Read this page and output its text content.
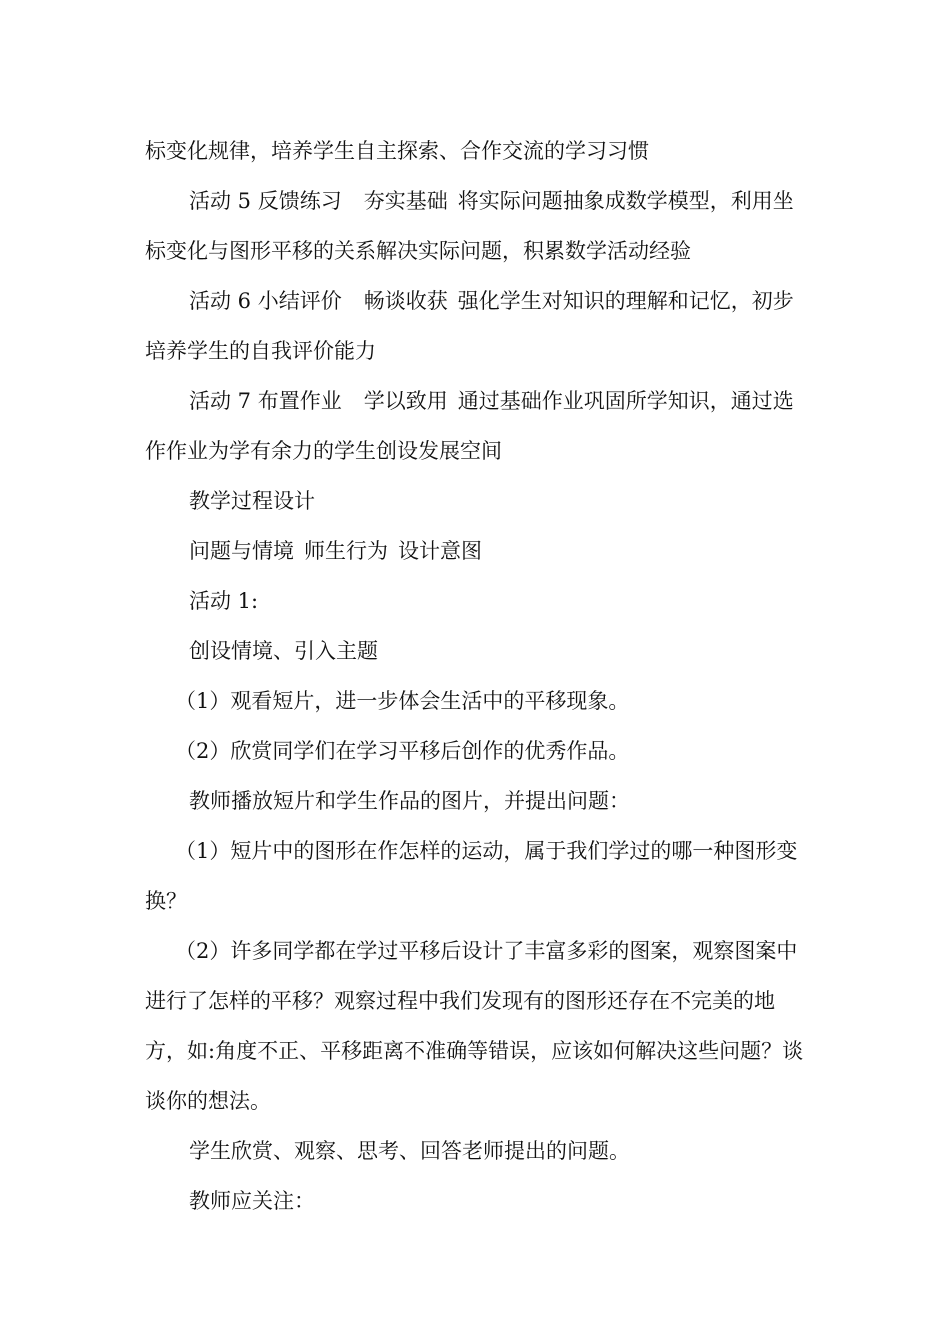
标变化规律，培养学生自主探索、合作交流的学习习惯

活动 5 反馈练习 夯实基础 将实际问题抽象成数学模型，利用坐标变化与图形平移的关系解决实际问题，积累数学活动经验

活动 6 小结评价 畅谈收获 强化学生对知识的理解和记忆，初步培养学生的自我评价能力

活动 7 布置作业 学以致用 通过基础作业巩固所学知识，通过选作作业为学有余力的学生创设发展空间

教学过程设计

问题与情境 师生行为 设计意图

活动 1:

创设情境、引入主题

（1）观看短片，进一步体会生活中的平移现象。

（2）欣赏同学们在学习平移后创作的优秀作品。

教师播放短片和学生作品的图片，并提出问题：

（1）短片中的图形在作怎样的运动，属于我们学过的哪一种图形变换？

（2）许多同学都在学过平移后设计了丰富多彩的图案，观察图案中进行了怎样的平移？观察过程中我们发现有的图形还存在不完美的地方，如:角度不正、平移距离不准确等错误，应该如何解决这些问题？谈谈你的想法。

学生欣赏、观察、思考、回答老师提出的问题。

教师应关注：
